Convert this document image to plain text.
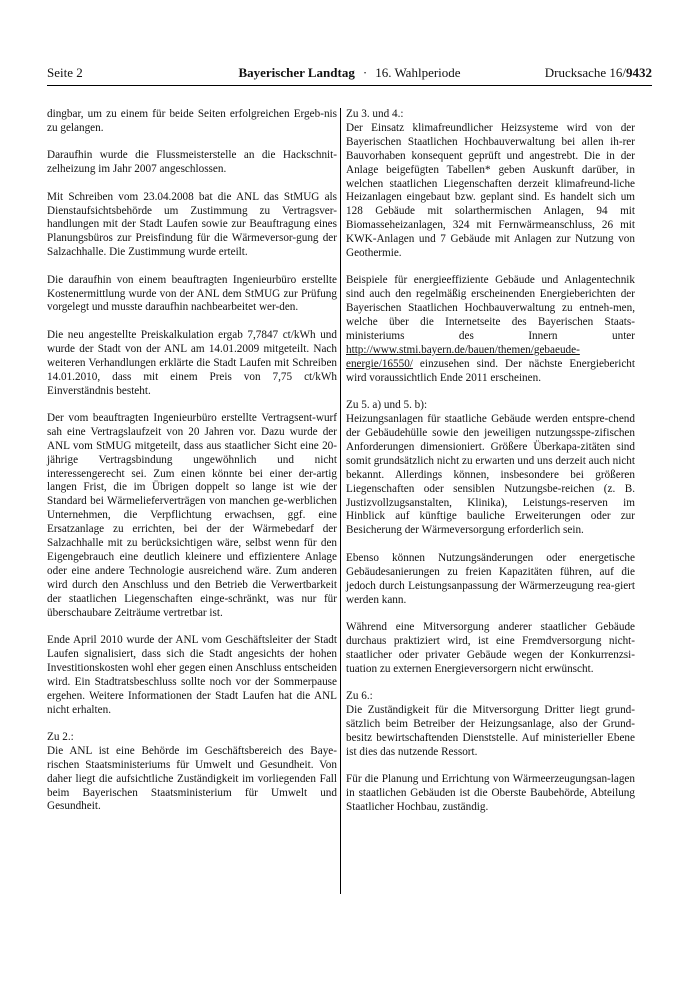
Seite 2	Bayerischer Landtag · 16. Wahlperiode	Drucksache 16/9432

dingbar, um zu einem für beide Seiten erfolgreichen Ergeb-nis zu gelangen.

Daraufhin wurde die Flussmeisterstelle an die Hackschnit-zelheizung im Jahr 2007 angeschlossen.

Mit Schreiben vom 23.04.2008 bat die ANL das StMUG als Dienstaufsichtsbehörde um Zustimmung zu Vertragsver-handlungen mit der Stadt Laufen sowie zur Beauftragung eines Planungsbüros zur Preisfindung für die Wärmeversor-gung der Salzachhalle. Die Zustimmung wurde erteilt.

Die daraufhin von einem beauftragten Ingenieurbüro erstellte Kostenermittlung wurde von der ANL dem StMUG zur Prüfung vorgelegt und musste daraufhin nachbearbeitet wer-den.

Die neu angestellte Preiskalkulation ergab 7,7847 ct/kWh und wurde der Stadt von der ANL am 14.01.2009 mitgeteilt. Nach weiteren Verhandlungen erklärte die Stadt Laufen mit Schreiben 14.01.2010, dass mit einem Preis von 7,75 ct/kWh Einverständnis besteht.

Der vom beauftragten Ingenieurbüro erstellte Vertragsent-wurf sah eine Vertragslaufzeit von 20 Jahren vor. Dazu wurde der ANL vom StMUG mitgeteilt, dass aus staatlicher Sicht eine 20-jährige Vertragsbindung ungewöhnlich und nicht interessengerecht sei. Zum einen könnte bei einer der-artig langen Frist, die im Übrigen doppelt so lange ist wie der Standard bei Wärmelieferverträgen von manchen ge-werblichen Unternehmen, die Verpflichtung erwachsen, ggf. eine Ersatzanlage zu errichten, bei der der Wärmebedarf der Salzachhalle mit zu berücksichtigen wäre, selbst wenn für den Eigengebrauch eine deutlich kleinere und effizientere Anlage oder eine andere Technologie ausreichend wäre. Zum anderen wird durch den Anschluss und den Betrieb die Verwertbarkeit der staatlichen Liegenschaften einge-schränkt, was nur für überschaubare Zeiträume vertretbar ist.

Ende April 2010 wurde der ANL vom Geschäftsleiter der Stadt Laufen signalisiert, dass sich die Stadt angesichts der hohen Investitionskosten wohl eher gegen einen Anschluss entscheiden wird. Ein Stadtratsbeschluss sollte noch vor der Sommerpause ergehen. Weitere Informationen der Stadt Laufen hat die ANL nicht erhalten.

Zu 2.:
Die ANL ist eine Behörde im Geschäftsbereich des Baye-rischen Staatsministeriums für Umwelt und Gesundheit. Von daher liegt die aufsichtliche Zuständigkeit im vorliegenden Fall beim Bayerischen Staatsministerium für Umwelt und Gesundheit.

Zu 3. und 4.:
Der Einsatz klimafreundlicher Heizsysteme wird von der Bayerischen Staatlichen Hochbauverwaltung bei allen ih-rer Bauvorhaben konsequent geprüft und angestrebt. Die in der Anlage beigefügten Tabellen* geben Auskunft darüber, in welchen staatlichen Liegenschaften derzeit klimafreund-liche Heizanlagen eingebaut bzw. geplant sind. Es handelt sich um 128 Gebäude mit solarthermischen Anlagen, 94 mit Biomasseheizanlagen, 324 mit Fernwärmeanschluss, 26 mit KWK-Anlagen und 7 Gebäude mit Anlagen zur Nutzung von Geothermie.

Beispiele für energieeffiziente Gebäude und Anlagentechnik sind auch den regelmäßig erscheinenden Energieberichten der Bayerischen Staatlichen Hochbauverwaltung zu entneh-men, welche über die Internetseite des Bayerischen Staats-ministeriums des Innern unter http://www.stmi.bayern.de/bauen/themen/gebaeude-energie/16550/ einzusehen sind. Der nächste Energiebericht wird voraussichtlich Ende 2011 erscheinen.

Zu 5. a) und 5. b):
Heizungsanlagen für staatliche Gebäude werden entspre-chend der Gebäudehülle sowie den jeweiligen nutzungsspe-zifischen Anforderungen dimensioniert. Größere Überkapa-zitäten sind somit grundsätzlich nicht zu erwarten und uns derzeit auch nicht bekannt. Allerdings können, insbesondere bei größeren Liegenschaften oder sensiblen Nutzungsbe-reichen (z. B. Justizvollzugsanstalten, Klinika), Leistungs-reserven im Hinblick auf künftige bauliche Erweiterungen oder zur Besicherung der Wärmeversorgung erforderlich sein.

Ebenso können Nutzungsänderungen oder energetische Gebäudesanierungen zu freien Kapazitäten führen, auf die jedoch durch Leistungsanpassung der Wärmerzeugung rea-giert werden kann.

Während eine Mitversorgung anderer staatlicher Gebäude durchaus praktiziert wird, ist eine Fremdversorgung nicht-staatlicher oder privater Gebäude wegen der Konkurrenzsi-tuation zu externen Energieversorgern nicht erwünscht.

Zu 6.:
Die Zuständigkeit für die Mitversorgung Dritter liegt grund-sätzlich beim Betreiber der Heizungsanlage, also der Grund-besitz bewirtschaftenden Dienststelle. Auf ministerieller Ebene ist dies das nutzende Ressort.

Für die Planung und Errichtung von Wärmeerzeugungsan-lagen in staatlichen Gebäuden ist die Oberste Baubehörde, Abteilung Staatlicher Hochbau, zuständig.
